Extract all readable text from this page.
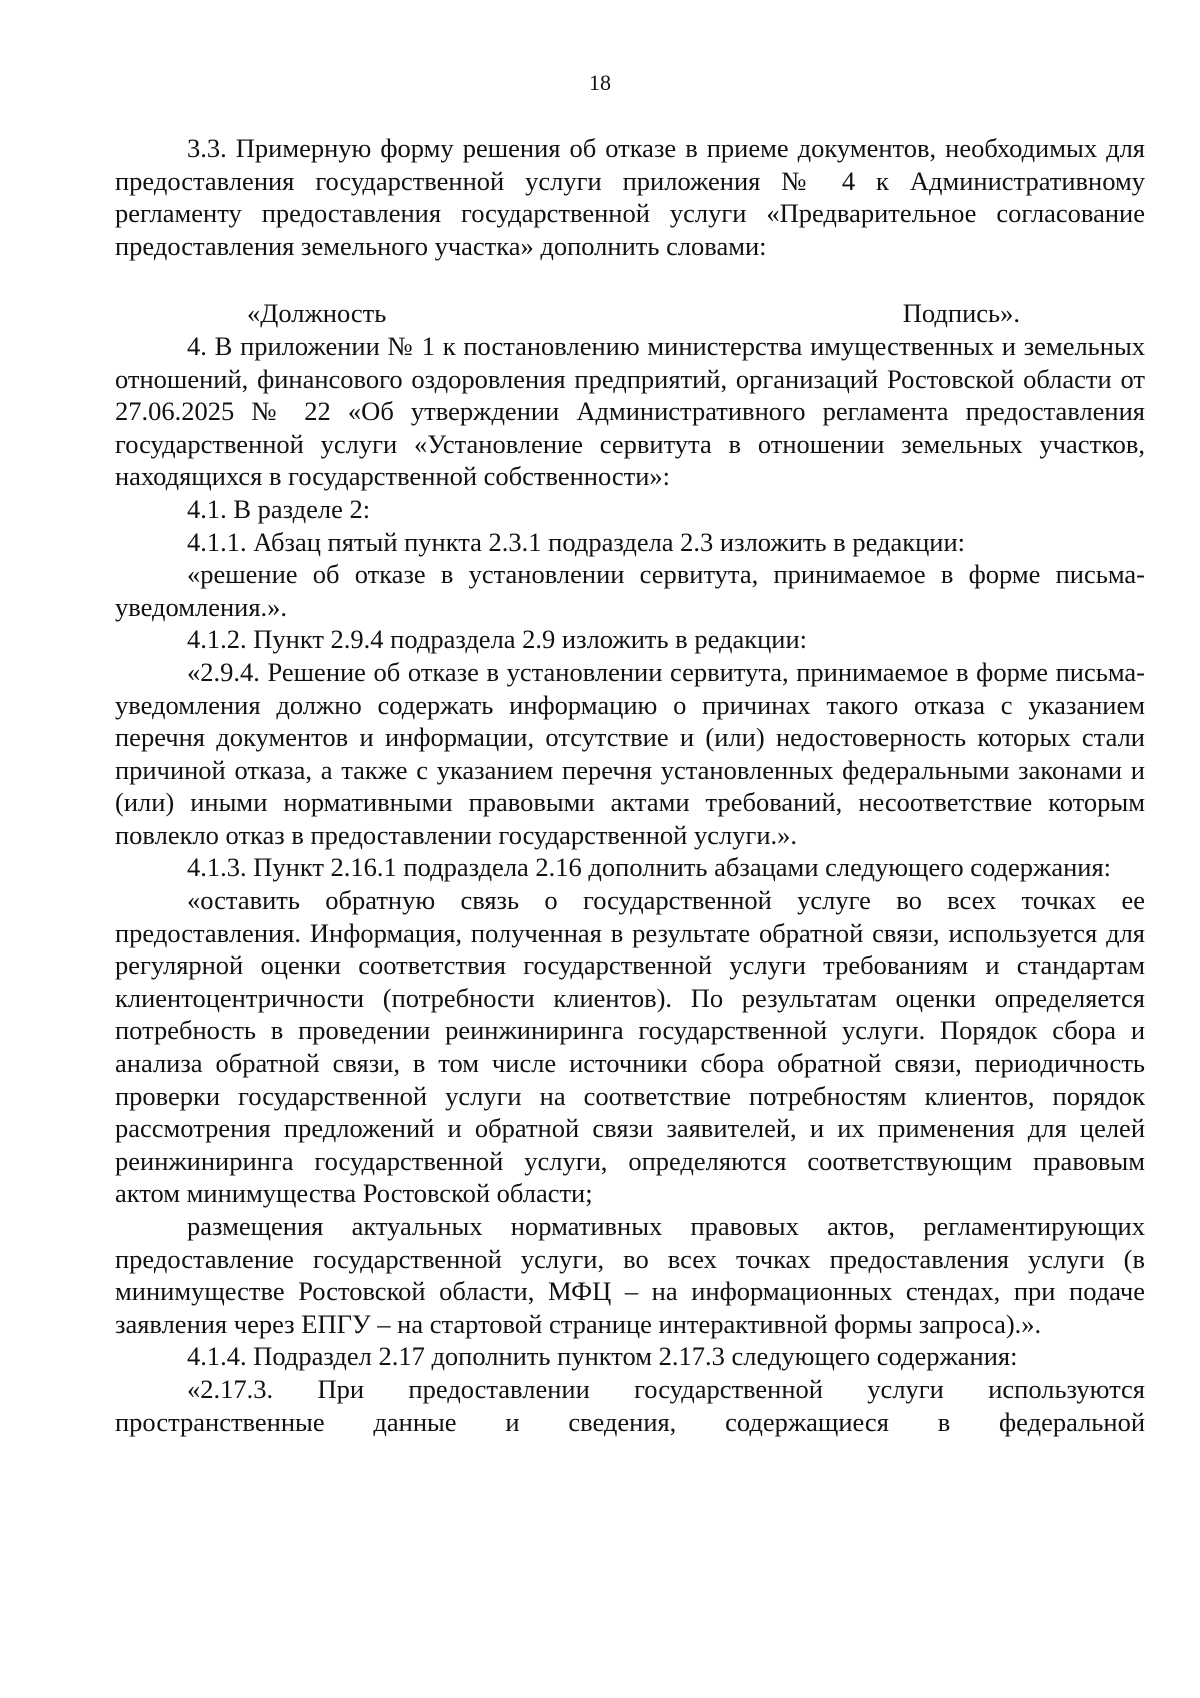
18

3.3. Примерную форму решения об отказе в приеме документов, необходимых для предоставления государственной услуги приложения № 4 к Административному регламенту предоставления государственной услуги «Предварительное согласование предоставления земельного участка» дополнить словами:

«Должность	Подпись».

4. В приложении № 1 к постановлению министерства имущественных и земельных отношений, финансового оздоровления предприятий, организаций Ростовской области от 27.06.2025 № 22 «Об утверждении Административного регламента предоставления государственной услуги «Установление сервитута в отношении земельных участков, находящихся в государственной собственности»:

4.1. В разделе 2:

4.1.1. Абзац пятый пункта 2.3.1 подраздела 2.3 изложить в редакции:

«решение об отказе в установлении сервитута, принимаемое в форме письма-уведомления.».

4.1.2. Пункт 2.9.4 подраздела 2.9 изложить в редакции:

«2.9.4. Решение об отказе в установлении сервитута, принимаемое в форме письма-уведомления должно содержать информацию о причинах такого отказа с указанием перечня документов и информации, отсутствие и (или) недостоверность которых стали причиной отказа, а также с указанием перечня установленных федеральными законами и (или) иными нормативными правовыми актами требований, несоответствие которым повлекло отказ в предоставлении государственной услуги.».

4.1.3. Пункт 2.16.1 подраздела 2.16 дополнить абзацами следующего содержания:

«оставить обратную связь о государственной услуге во всех точках ее предоставления. Информация, полученная в результате обратной связи, используется для регулярной оценки соответствия государственной услуги требованиям и стандартам клиентоцентричности (потребности клиентов). По результатам оценки определяется потребность в проведении реинжиниринга государственной услуги. Порядок сбора и анализа обратной связи, в том числе источники сбора обратной связи, периодичность проверки государственной услуги на соответствие потребностям клиентов, порядок рассмотрения предложений и обратной связи заявителей, и их применения для целей реинжиниринга государственной услуги, определяются соответствующим правовым актом минимущества Ростовской области;

размещения актуальных нормативных правовых актов, регламентирующих предоставление государственной услуги, во всех точках предоставления услуги (в минимуществе Ростовской области, МФЦ – на информационных стендах, при подаче заявления через ЕПГУ – на стартовой странице интерактивной формы запроса).».

4.1.4. Подраздел 2.17 дополнить пунктом 2.17.3 следующего содержания:

«2.17.3. При предоставлении государственной услуги используются пространственные данные и сведения, содержащиеся в федеральной
